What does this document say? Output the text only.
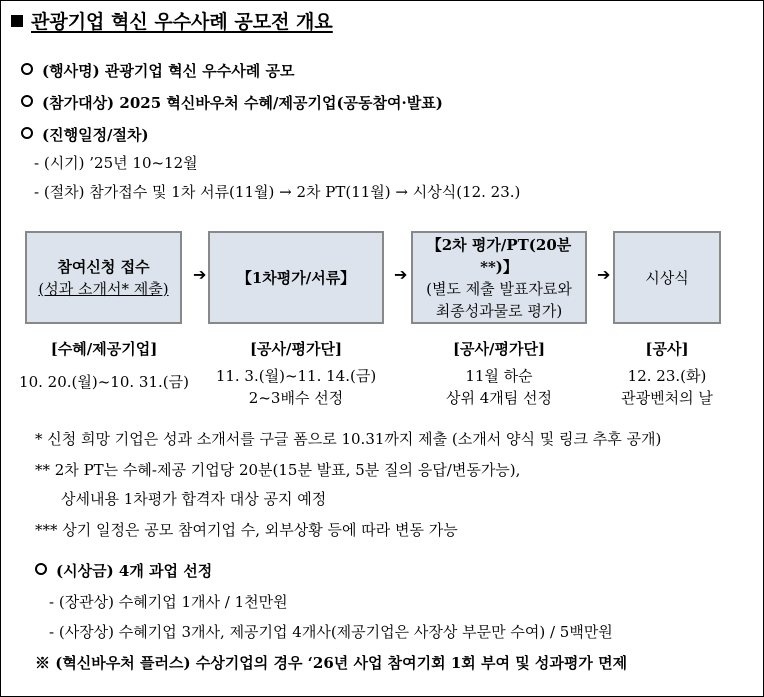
관광기업 혁신 우수사례 공모전 개요
(행사명) 관광기업 혁신 우수사례 공모
(참가대상) 2025 혁신바우처 수혜/제공기업(공동참여·발표)
(진행일정/절차)
- (시기) ’25년 10~12월
- (절차) 참가접수 및 1차 서류(11월) → 2차 PT(11월) → 시상식(12. 23.)
참여신청 접수
(성과 소개서* 제출)
➔ 【1차평가/서류】 ➔
【2차 평가/PT(20분**)】
(별도 제출 발표자료와
최종성과물로 평가)
➔ 시상식
[수혜/제공기업]
10. 20.(월)~10. 31.(금)
[공사/평가단]
11. 3.(월)~11. 14.(금)
2~3배수 선정
[공사/평가단]
11월 하순
상위 4개팀 선정
[공사]
12. 23.(화)
관광벤처의 날
* 신청 희망 기업은 성과 소개서를 구글 폼으로 10.31까지 제출 (소개서 양식 및 링크 추후 공개)
** 2차 PT는 수혜-제공 기업당 20분(15분 발표, 5분 질의 응답/변동가능),
상세내용 1차평가 합격자 대상 공지 예정
*** 상기 일정은 공모 참여기업 수, 외부상황 등에 따라 변동 가능
(시상금) 4개 과업 선정
- (장관상) 수혜기업 1개사 / 1천만원
- (사장상) 수혜기업 3개사, 제공기업 4개사(제공기업은 사장상 부문만 수여) / 5백만원
※ (혁신바우처 플러스) 수상기업의 경우 ‘26년 사업 참여기회 1회 부여 및 성과평가 면제
